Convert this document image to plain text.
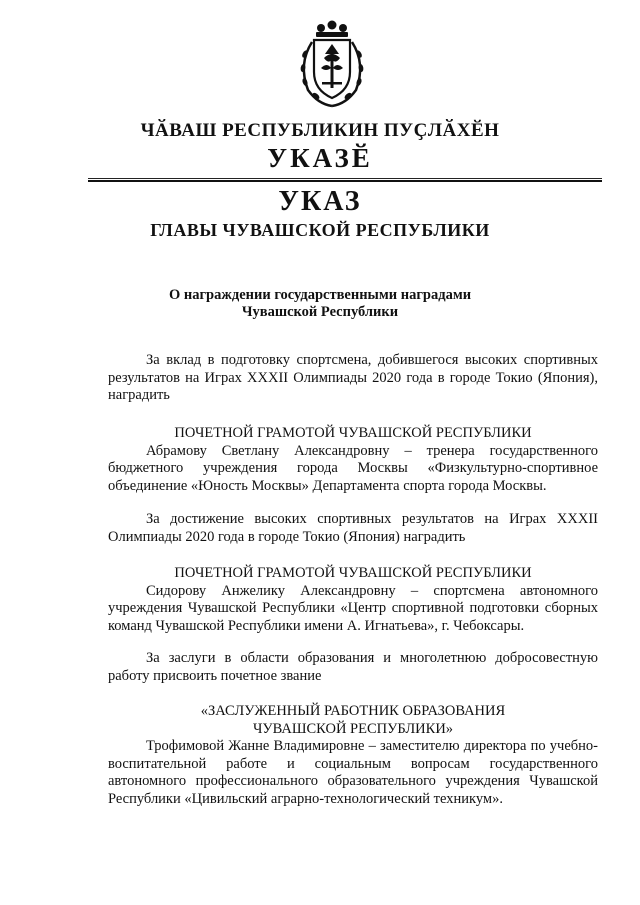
ЧӐВАШ РЕСПУБЛИКИН ПУҪЛӐХӖН
УКАЗӖ
УКАЗ
ГЛАВЫ ЧУВАШСКОЙ РЕСПУБЛИКИ
О награждении государственными наградами
Чувашской Республики

За вклад в подготовку спортсмена, добившегося высоких спортивных результатов на Играх XXXII Олимпиады 2020 года в городе Токио (Япония), наградить

ПОЧЕТНОЙ ГРАМОТОЙ ЧУВАШСКОЙ РЕСПУБЛИКИ

Абрамову Светлану Александровну – тренера государственного бюджетного учреждения города Москвы «Физкультурно-спортивное объединение «Юность Москвы» Департамента спорта города Москвы.

За достижение высоких спортивных результатов на Играх XXXII Олимпиады 2020 года в городе Токио (Япония) наградить

ПОЧЕТНОЙ ГРАМОТОЙ ЧУВАШСКОЙ РЕСПУБЛИКИ

Сидорову Анжелику Александровну – спортсмена автономного учреждения Чувашской Республики «Центр спортивной подготовки сборных команд Чувашской Республики имени А. Игнатьева», г. Чебоксары.

За заслуги в области образования и многолетнюю добросовестную работу присвоить почетное звание

«ЗАСЛУЖЕННЫЙ РАБОТНИК ОБРАЗОВАНИЯ
ЧУВАШСКОЙ РЕСПУБЛИКИ»

Трофимовой Жанне Владимировне – заместителю директора по учебно-воспитательной работе и социальным вопросам государственного автономного профессионального образовательного учреждения Чувашской Республики «Цивильский аграрно-технологический техникум».
